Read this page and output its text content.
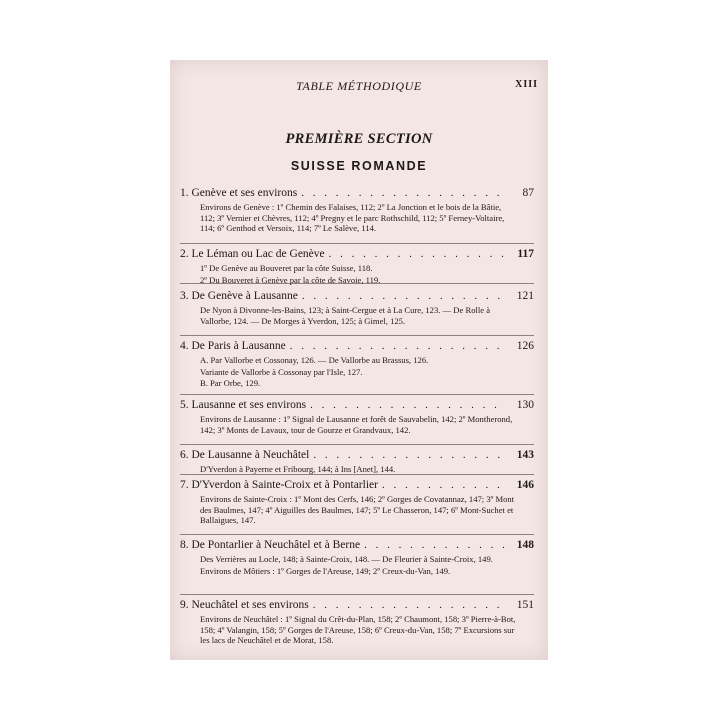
TABLE MÉTHODIQUE	XIII
PREMIÈRE SECTION
SUISSE ROMANDE
1. Genève et ses environs . . .	87
Environs de Genève : 1º Chemin des Falaises, 112; 2º La Jonction et le bois de la Bâtie, 112; 3º Vernier et Chèvres, 112; 4º Pregny et le parc Rothschild, 112; 5º Ferney-Voltaire, 114; 6º Genthod et Versoix, 114; 7º Le Salève, 114.
2. Le Léman ou Lac de Genève . . .	117
1º De Genève au Bouveret par la côte Suisse, 118.
2º Du Bouveret à Genève par la côte de Savoie, 119.
3. De Genève à Lausanne . . .	121
De Nyon à Divonne-les-Bains, 123; à Saint-Cergue et à La Cure, 123. — De Rolle à Vallorbe, 124. — De Morges à Yverdon, 125; à Gimel, 125.
4. De Paris à Lausanne . . .	126
A. Par Vallorbe et Cossonay, 126. — De Vallorbe au Brassus, 126.
Variante de Vallorbe à Cossonay par l'Isle, 127.
B. Par Orbe, 129.
5. Lausanne et ses environs . . .	130
Environs de Lausanne : 1º Signal de Lausanne et forêt de Sauvabelin, 142; 2º Montherond, 142; 3º Monts de Lavaux, tour de Gourze et Grandvaux, 142.
6. De Lausanne à Neuchâtel . . .	143
D'Yverdon à Payerne et Fribourg, 144; à Ins [Anet], 144.
7. D'Yverdon à Sainte-Croix et à Pontarlier . . .	146
Environs de Sainte-Croix : 1º Mont des Cerfs, 146; 2º Gorges de Covatannaz, 147; 3º Mont des Baulmes, 147; 4º Aiguilles des Baulmes, 147; 5º Le Chasseron, 147; 6º Mont-Suchet et Ballaigues, 147.
8. De Pontarlier à Neuchâtel et à Berne . . .	148
Des Verrières au Locle, 148; à Sainte-Croix, 148. — De Fleurier à Sainte-Croix, 149.
Environs de Môtiers : 1º Gorges de l'Areuse, 149; 2º Creux-du-Van, 149.
9. Neuchâtel et ses environs . . .	151
Environs de Neuchâtel : 1º Signal du Crêt-du-Plan, 158; 2º Chaumont, 158; 3º Pierre-à-Bot, 158; 4º Valangin, 158; 5º Gorges de l'Areuse, 158; 6º Creux-du-Van, 158; 7º Excursions sur les lacs de Neuchâtel et de Morat, 158.
